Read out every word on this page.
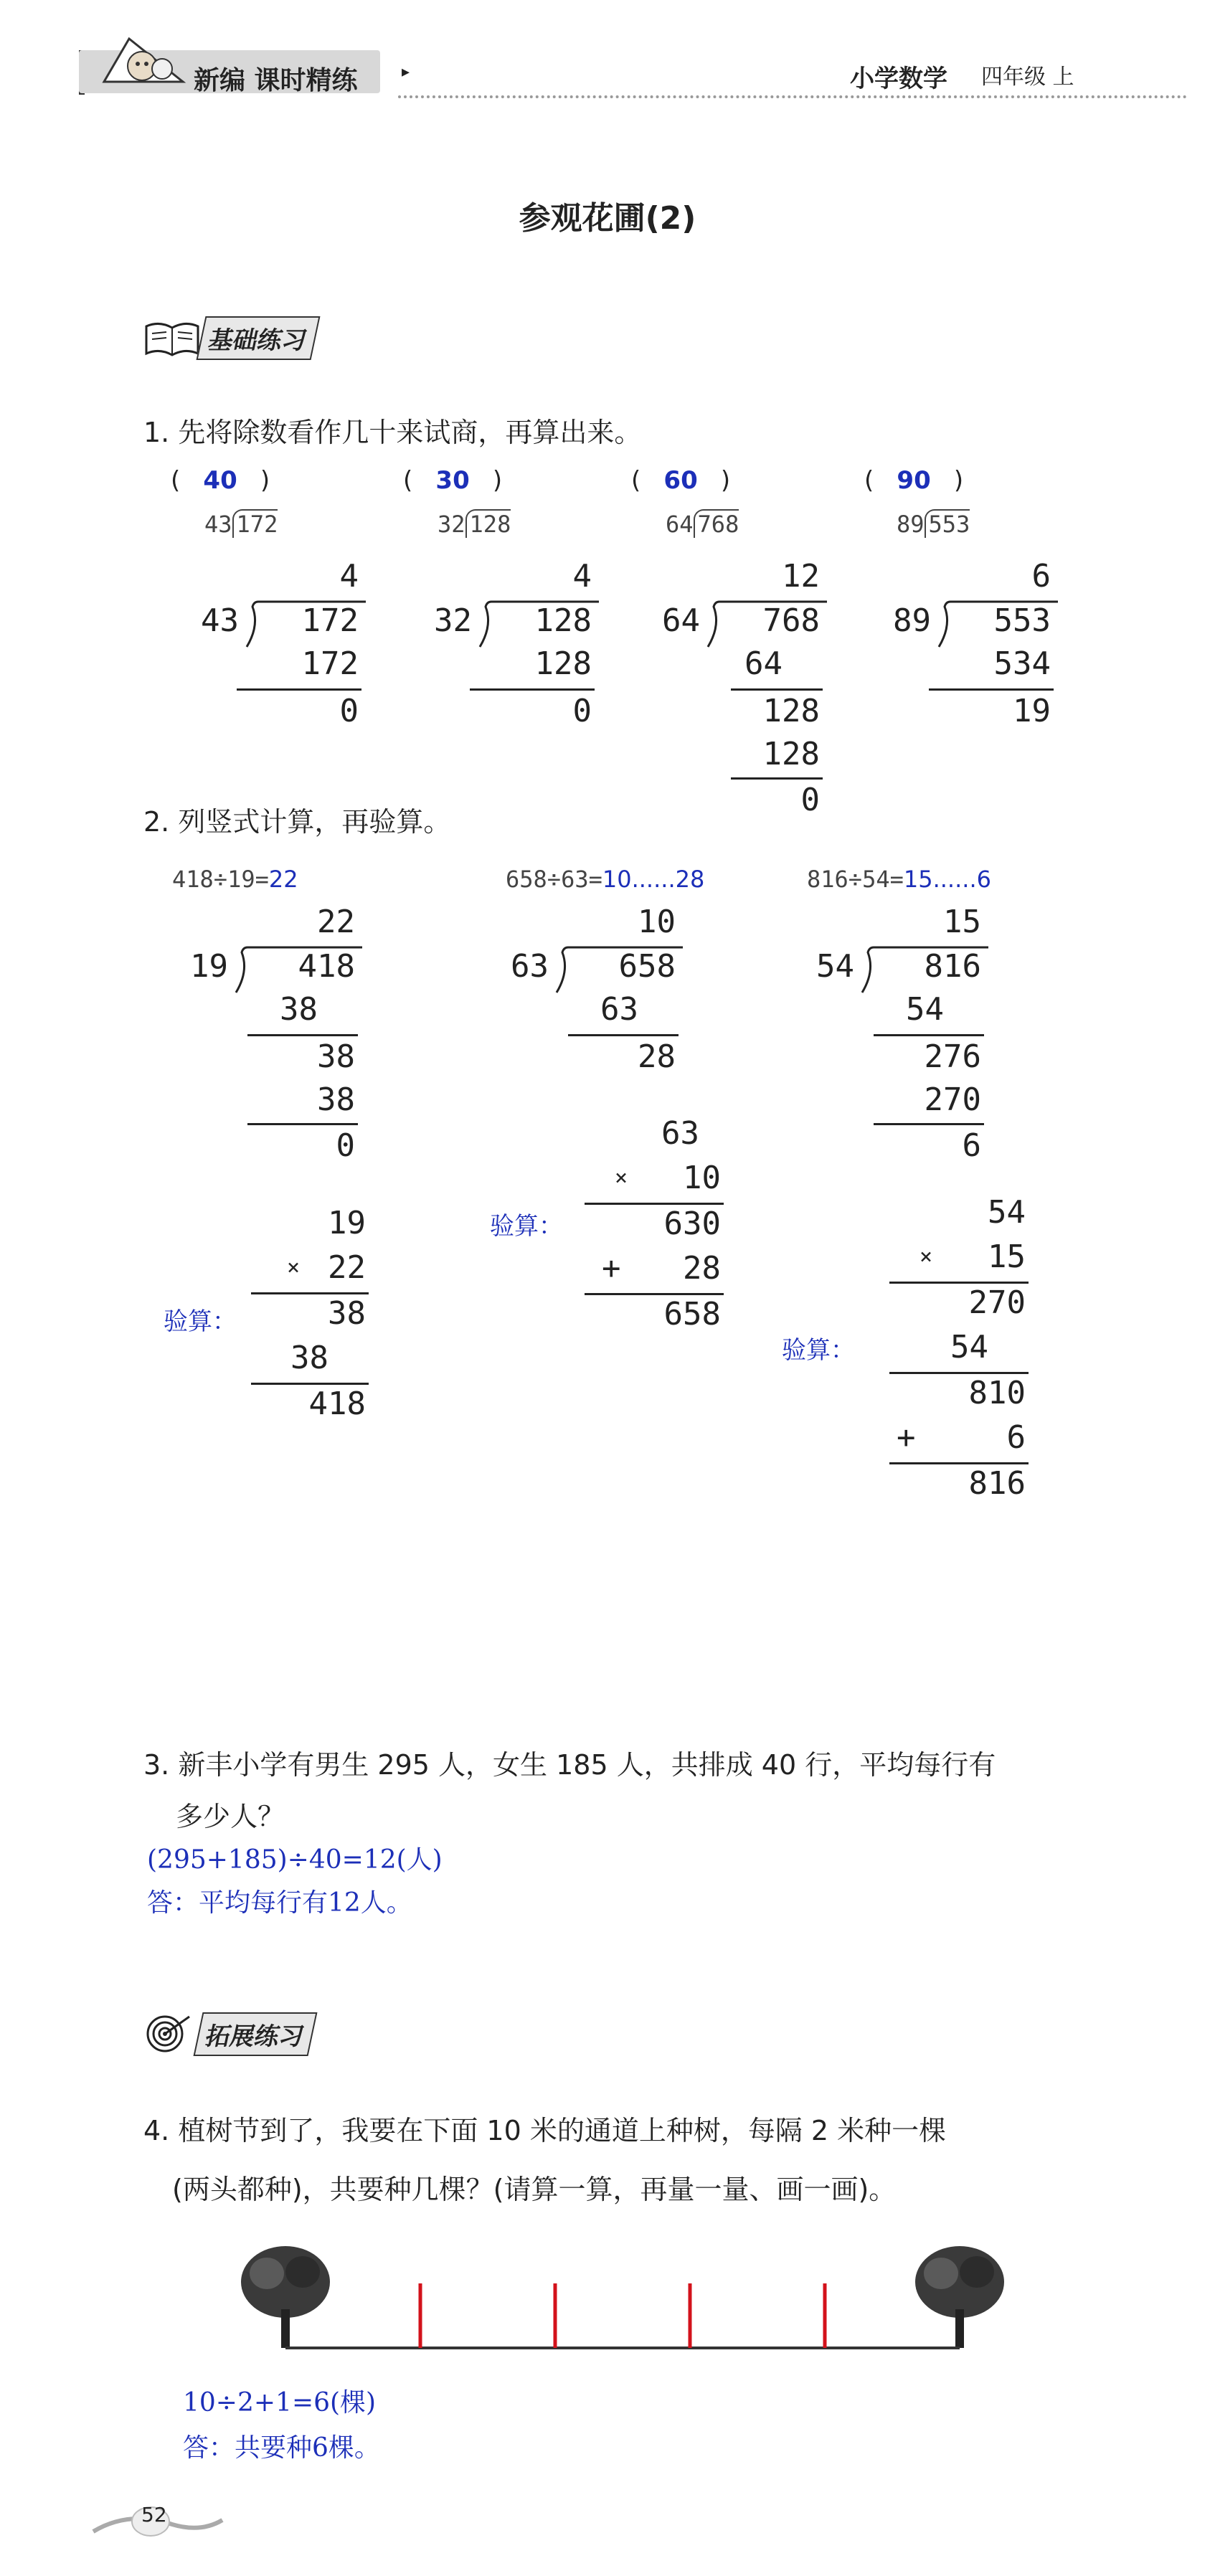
新编 课时精练	▸	小学数学 四年级 上
参观花圃(2)
基础练习
1. 先将除数看作几十来试商，再算出来。
( 40 )	( 30 )	( 60 )	( 90 )
43 172	32 128	64 768	89 553
4
43 172
172
0
4
32 128
128
0
12
64 768
64
128
128
0
6
89 553
534
19
2. 列竖式计算，再验算。
418÷19=22	658÷63=10......28	816÷54=15......6
22
19 418
38
38
38
0
10
63 658
63
28
15
54 816
54
276
270
6
验算：
19
× 22
38
38
418
验算：
63
× 10
630
+ 28
658
验算：
54
× 15
270
54
810
+	6
816
3. 新丰小学有男生 295 人，女生 185 人，共排成 40 行，平均每行有
多少人？
(295+185)÷40=12(人)
答：平均每行有12人。
拓展练习
4. 植树节到了，我要在下面 10 米的通道上种树，每隔 2 米种一棵
(两头都种)，共要种几棵？(请算一算，再量一量、画一画)。
10÷2+1=6(棵)
答：共要种6棵。
52
